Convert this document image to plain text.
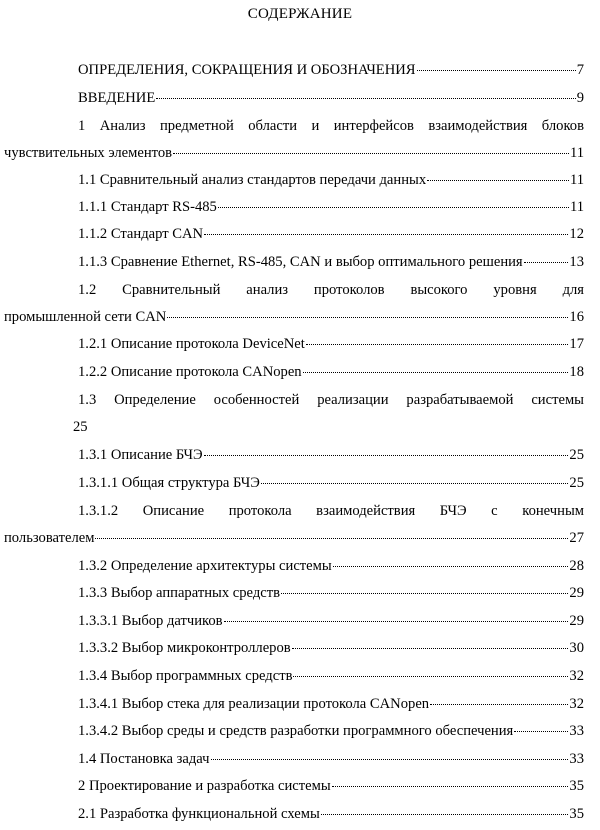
СОДЕРЖАНИЕ
ОПРЕДЕЛЕНИЯ, СОКРАЩЕНИЯ И ОБОЗНАЧЕНИЯ	7
ВВЕДЕНИЕ	9
1 Анализ предметной области и интерфейсов взаимодействия блоков
чувствительных элементов	11
1.1 Сравнительный анализ стандартов передачи данных	11
1.1.1 Стандарт RS-485	11
1.1.2 Стандарт CAN	12
1.1.3 Сравнение Ethernet, RS-485, CAN и выбор оптимального решения	13
1.2 Сравнительный анализ протоколов высокого уровня для
промышленной сети CAN	16
1.2.1 Описание протокола DeviceNet	17
1.2.2 Описание протокола CANopen	18
1.3 Определение особенностей реализации разрабатываемой системы
25
1.3.1 Описание БЧЭ	25
1.3.1.1 Общая структура БЧЭ	25
1.3.1.2 Описание протокола взаимодействия БЧЭ с конечным
пользователем	27
1.3.2 Определение архитектуры системы	28
1.3.3 Выбор аппаратных средств	29
1.3.3.1 Выбор датчиков	29
1.3.3.2 Выбор микроконтроллеров	30
1.3.4 Выбор программных средств	32
1.3.4.1 Выбор стека для реализации протокола CANopen	32
1.3.4.2 Выбор среды и средств разработки программного обеспечения	33
1.4 Постановка задач	33
2 Проектирование и разработка системы	35
2.1 Разработка функциональной схемы	35
